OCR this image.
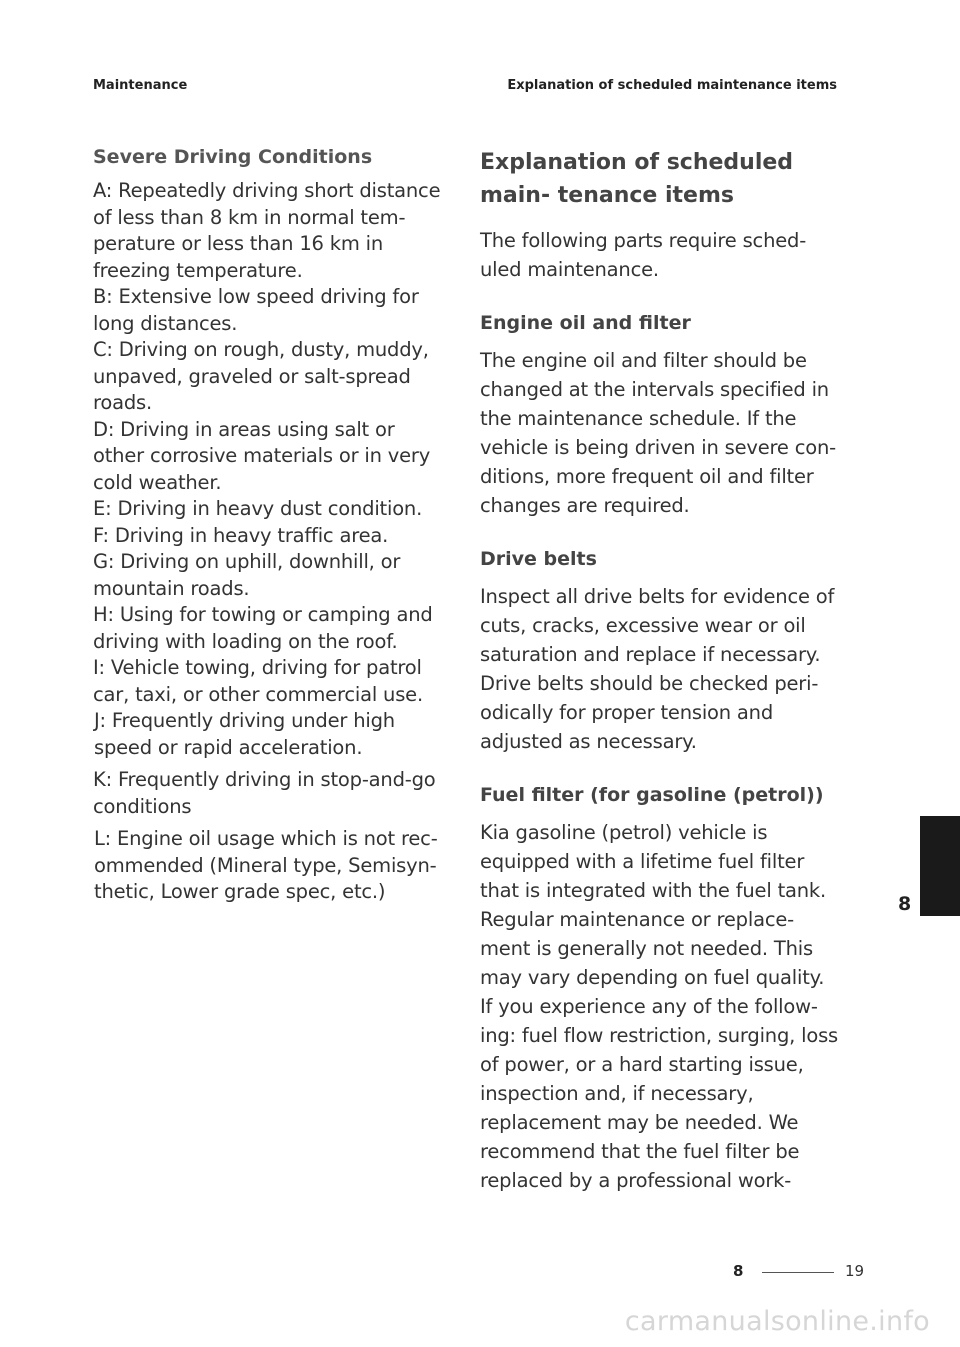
Maintenance	Explanation of scheduled maintenance items
Severe Driving Conditions

A: Repeatedly driving short distance of less than 8 km in normal tem perature or less than 16 km in freezing temperature.

B: Extensive low speed driving for long distances.

C: Driving on rough, dusty, muddy, unpaved, graveled or salt-spread roads.

D: Driving in areas using salt or other corrosive materials or in very cold weather.

E: Driving in heavy dust condition.

F: Driving in heavy traffic area.

G: Driving on uphill, downhill, or mountain roads.

H: Using for towing or camping and driving with loading on the roof.

I: Vehicle towing, driving for patrol car, taxi, or other commercial use.

J: Frequently driving under high speed or rapid acceleration.

K: Frequently driving in stop-and-go conditions

L: Engine oil usage which is not rec- ommended (Mineral type, Semisyn- thetic, Lower grade spec, etc.)

Explanation of scheduled main- tenance items

The following parts require sched- uled maintenance.

Engine oil and filter

The engine oil and filter should be changed at the intervals specified in the maintenance schedule. If the vehicle is being driven in severe con- ditions, more frequent oil and filter changes are required.

Drive belts

Inspect all drive belts for evidence of cuts, cracks, excessive wear or oil saturation and replace if necessary. Drive belts should be checked peri- odically for proper tension and adjusted as necessary.

Fuel filter (for gasoline (petrol))

Kia gasoline (petrol) vehicle is equipped with a lifetime fuel filter that is integrated with the fuel tank. Regular maintenance or replace- ment is generally not needed. This may vary depending on fuel quality. If you experience any of the follow- ing: fuel flow restriction, surging, loss of power, or a hard starting issue, inspection and, if necessary, replacement may be needed. We recommend that the fuel filter be replaced by a professional work-

8
8	19
carmanualsonline.info
